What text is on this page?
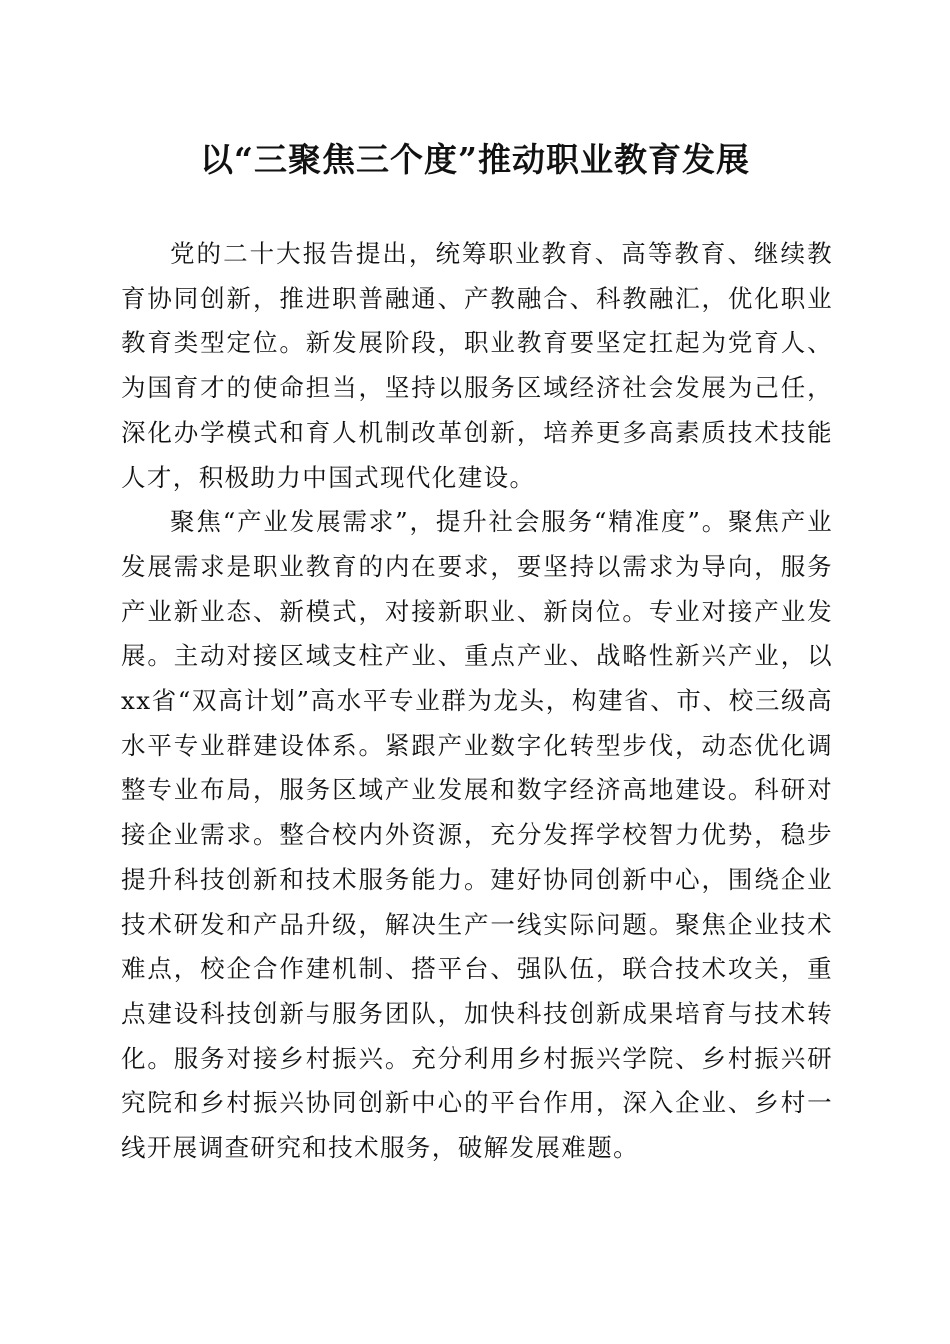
以“三聚焦三个度”推动职业教育发展

党的二十大报告提出，统筹职业教育、高等教育、继续教育协同创新，推进职普融通、产教融合、科教融汇，优化职业教育类型定位。新发展阶段，职业教育要坚定扛起为党育人、为国育才的使命担当，坚持以服务区域经济社会发展为己任，深化办学模式和育人机制改革创新，培养更多高素质技术技能人才，积极助力中国式现代化建设。

聚焦“产业发展需求”，提升社会服务“精准度”。聚焦产业发展需求是职业教育的内在要求，要坚持以需求为导向，服务产业新业态、新模式，对接新职业、新岗位。专业对接产业发展。主动对接区域支柱产业、重点产业、战略性新兴产业，以xx省“双高计划”高水平专业群为龙头，构建省、市、校三级高水平专业群建设体系。紧跟产业数字化转型步伐，动态优化调整专业布局，服务区域产业发展和数字经济高地建设。科研对接企业需求。整合校内外资源，充分发挥学校智力优势，稳步提升科技创新和技术服务能力。建好协同创新中心，围绕企业技术研发和产品升级，解决生产一线实际问题。聚焦企业技术难点，校企合作建机制、搭平台、强队伍，联合技术攻关，重点建设科技创新与服务团队，加快科技创新成果培育与技术转化。服务对接乡村振兴。充分利用乡村振兴学院、乡村振兴研究院和乡村振兴协同创新中心的平台作用，深入企业、乡村一线开展调查研究和技术服务，破解发展难题。
